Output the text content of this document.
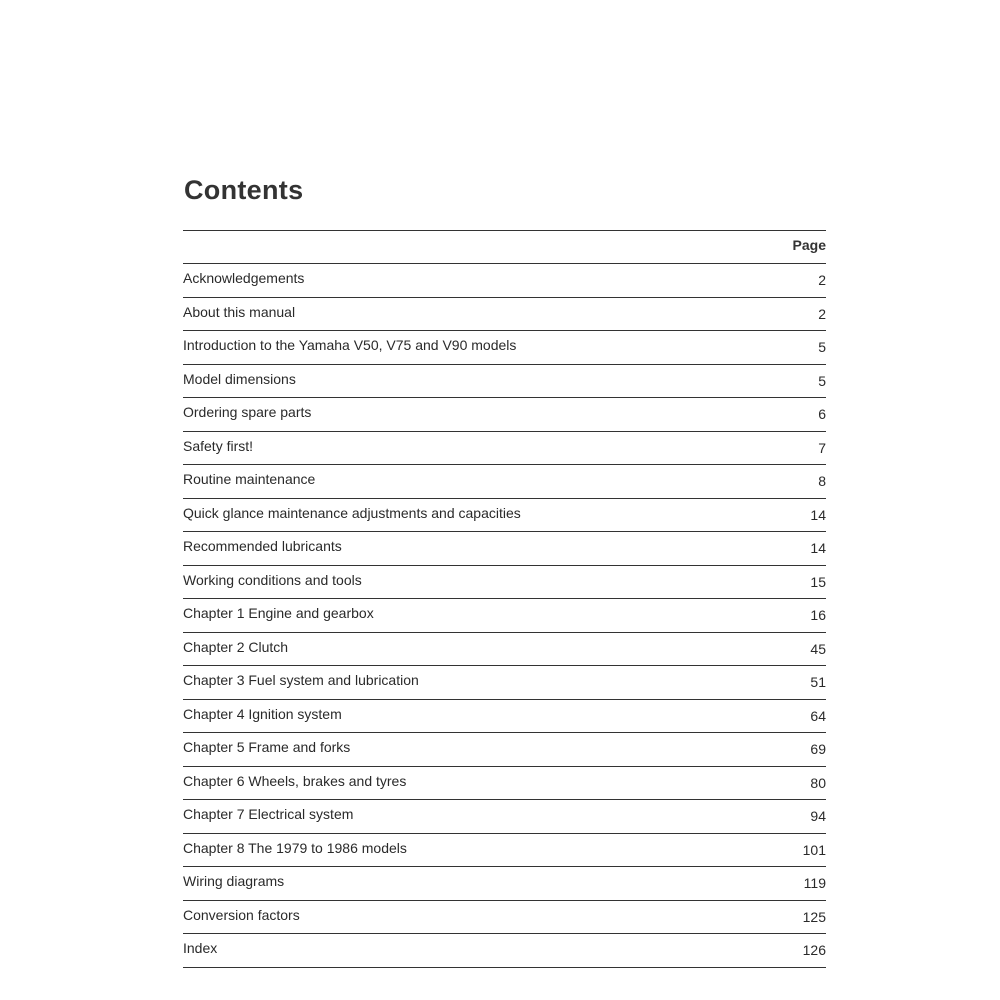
Contents
Page
Acknowledgements	2
About this manual	2
Introduction to the Yamaha V50, V75 and V90 models	5
Model dimensions	5
Ordering spare parts	6
Safety first!	7
Routine maintenance	8
Quick glance maintenance adjustments and capacities	14
Recommended lubricants	14
Working conditions and tools	15
Chapter 1 Engine and gearbox	16
Chapter 2 Clutch	45
Chapter 3 Fuel system and lubrication	51
Chapter 4 Ignition system	64
Chapter 5 Frame and forks	69
Chapter 6 Wheels, brakes and tyres	80
Chapter 7 Electrical system	94
Chapter 8 The 1979 to 1986 models	101
Wiring diagrams	119
Conversion factors	125
Index	126
